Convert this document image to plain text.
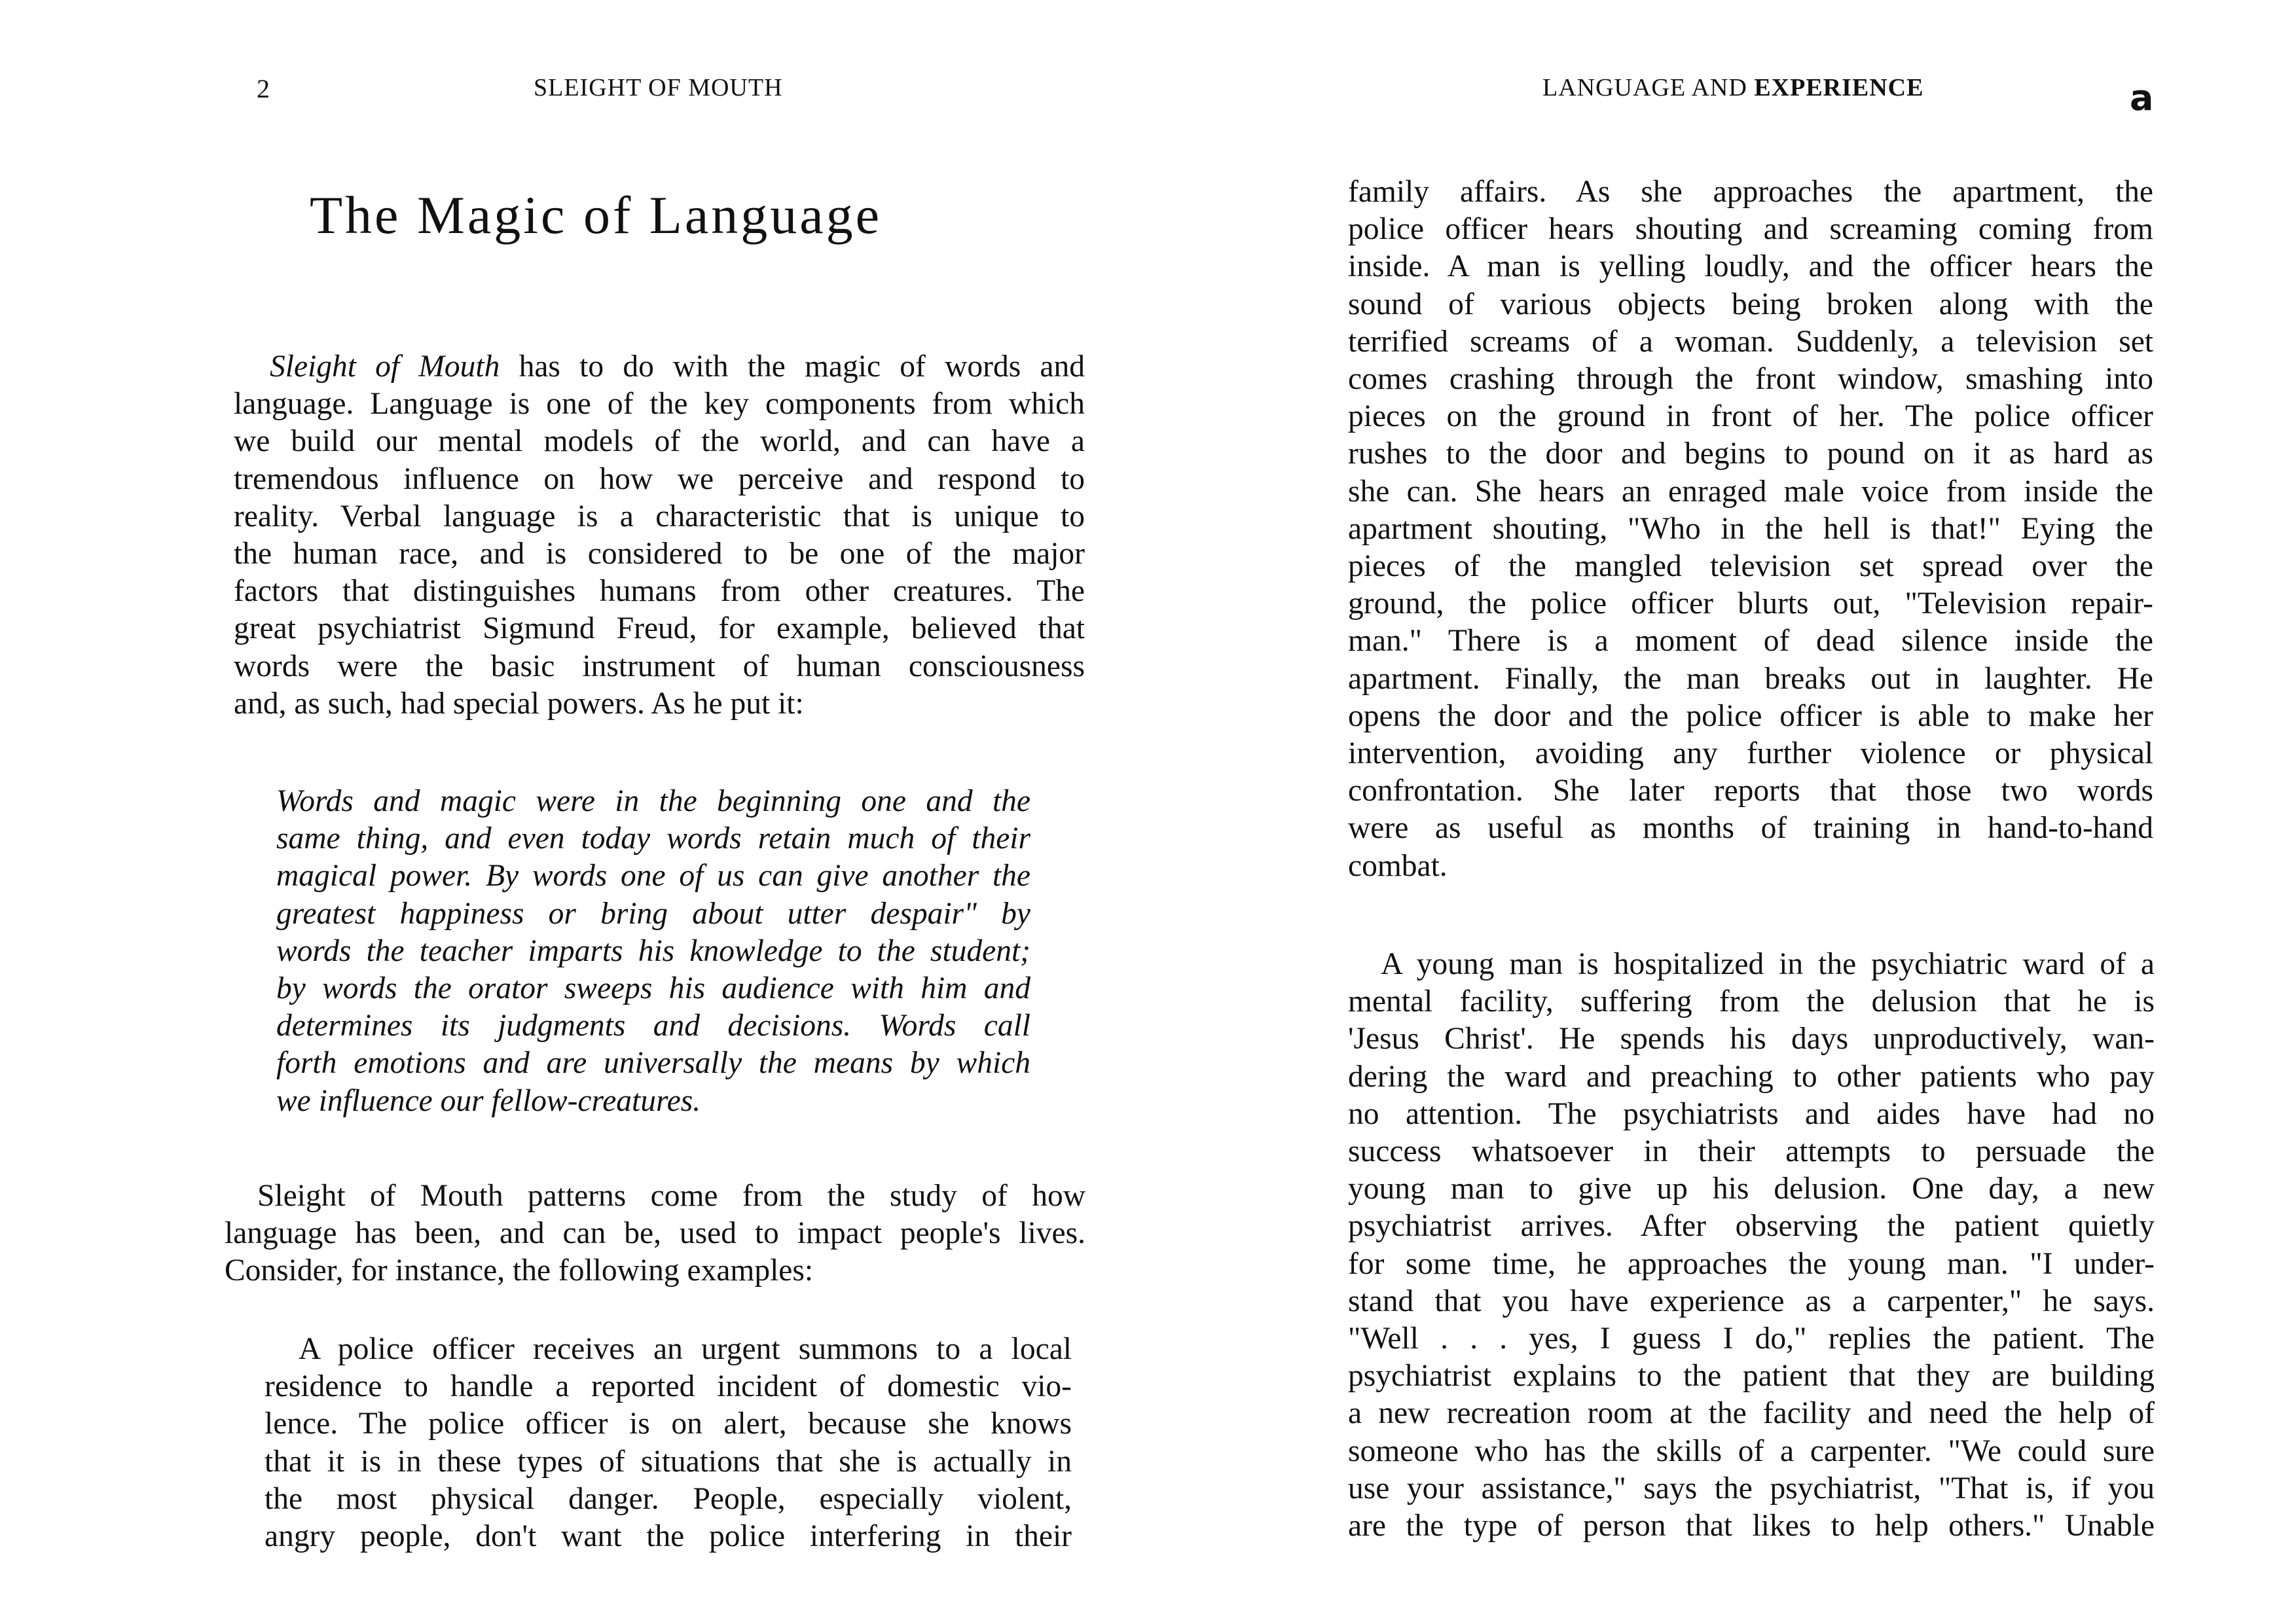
2	SLEIGHT OF MOUTH
The Magic of Language
Sleight of Mouth has to do with the magic of words and
language. Language is one of the key components from which
we build our mental models of the world, and can have a
tremendous influence on how we perceive and respond to
reality. Verbal language is a characteristic that is unique to
the human race, and is considered to be one of the major
factors that distinguishes humans from other creatures. The
great psychiatrist Sigmund Freud, for example, believed that
words were the basic instrument of human consciousness
and, as such, had special powers. As he put it:
Words and magic were in the beginning one and the
same thing, and even today words retain much of their
magical power. By words one of us can give another the
greatest happiness or bring about utter despair" by
words the teacher imparts his knowledge to the student;
by words the orator sweeps his audience with him and
determines its judgments and decisions. Words call
forth emotions and are universally the means by which
we influence our fellow-creatures.
Sleight of Mouth patterns come from the study of how
language has been, and can be, used to impact people's lives.
Consider, for instance, the following examples:
A police officer receives an urgent summons to a local
residence to handle a reported incident of domestic vio-
lence. The police officer is on alert, because she knows
that it is in these types of situations that she is actually in
the most physical danger. People, especially violent,
angry people, don't want the police interfering in their
LANGUAGE AND EXPERIENCE	a
family affairs. As she approaches the apartment, the
police officer hears shouting and screaming coming from
inside. A man is yelling loudly, and the officer hears the
sound of various objects being broken along with the
terrified screams of a woman. Suddenly, a television set
comes crashing through the front window, smashing into
pieces on the ground in front of her. The police officer
rushes to the door and begins to pound on it as hard as
she can. She hears an enraged male voice from inside the
apartment shouting, "Who in the hell is that!" Eying the
pieces of the mangled television set spread over the
ground, the police officer blurts out, "Television repair-
man." There is a moment of dead silence inside the
apartment. Finally, the man breaks out in laughter. He
opens the door and the police officer is able to make her
intervention, avoiding any further violence or physical
confrontation. She later reports that those two words
were as useful as months of training in hand-to-hand
combat.
A young man is hospitalized in the psychiatric ward of a
mental facility, suffering from the delusion that he is
'Jesus Christ'. He spends his days unproductively, wan-
dering the ward and preaching to other patients who pay
no attention. The psychiatrists and aides have had no
success whatsoever in their attempts to persuade the
young man to give up his delusion. One day, a new
psychiatrist arrives. After observing the patient quietly
for some time, he approaches the young man. "I under-
stand that you have experience as a carpenter," he says.
"Well . . . yes, I guess I do," replies the patient. The
psychiatrist explains to the patient that they are building
a new recreation room at the facility and need the help of
someone who has the skills of a carpenter. "We could sure
use your assistance," says the psychiatrist, "That is, if you
are the type of person that likes to help others." Unable
